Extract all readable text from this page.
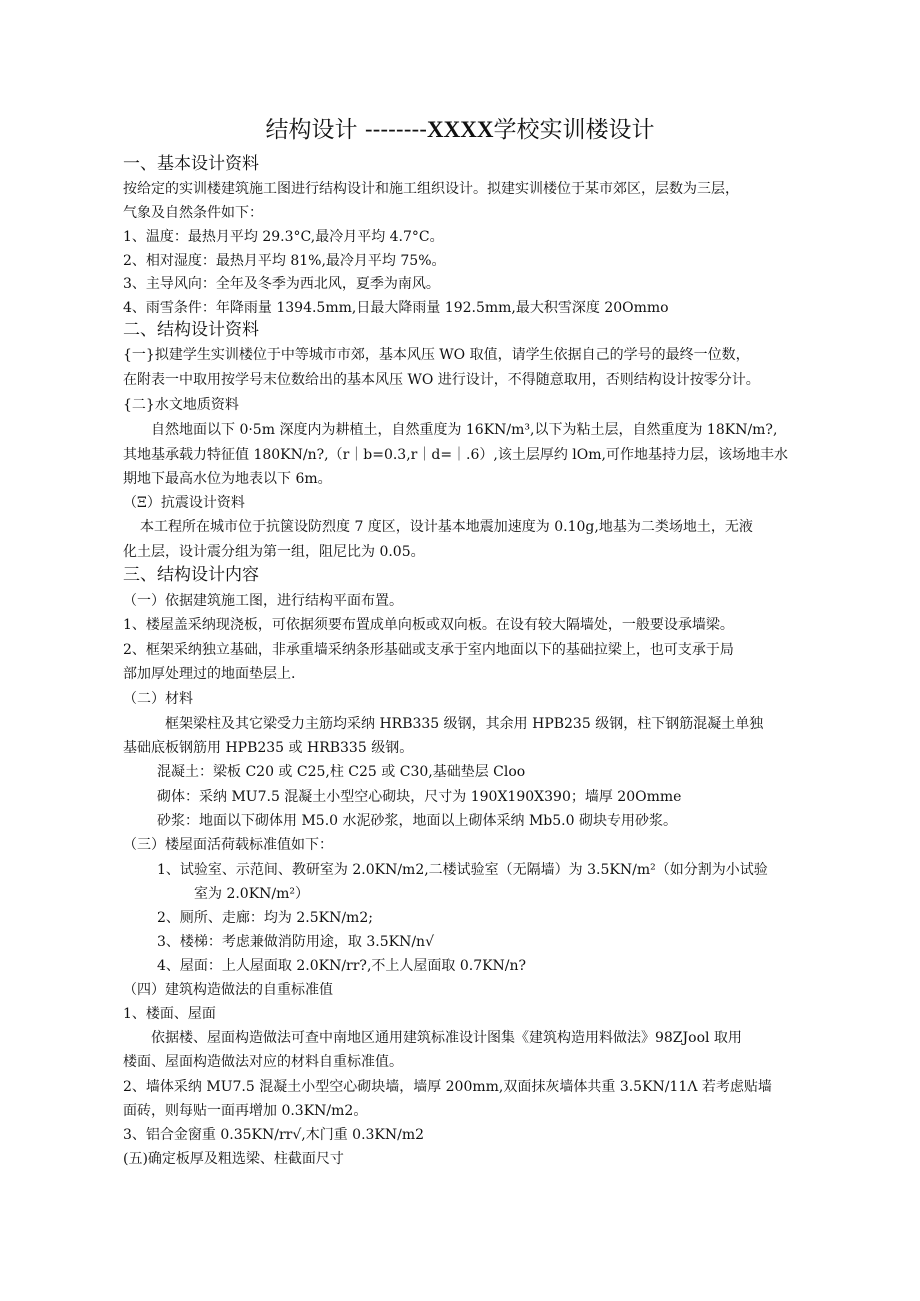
结构设计 --------XXXX学校实训楼设计
一、基本设计资料
按给定的实训楼建筑施工图进行结构设计和施工组织设计。拟建实训楼位于某市郊区，层数为三层，
气象及自然条件如下：
1、温度：最热月平均 29.3°C,最冷月平均 4.7°C。
2、相对湿度：最热月平均 81%,最冷月平均 75%。
3、主导风向：全年及冬季为西北风，夏季为南风。
4、雨雪条件：年降雨量 1394.5mm,日最大降雨量 192.5mm,最大积雪深度 20Ommo
二、结构设计资料
{一}拟建学生实训楼位于中等城市市郊，基本风压 WO 取值，请学生依据自己的学号的最终一位数，
在附表一中取用按学号末位数给出的基本风压 WO 进行设计，不得随意取用，否则结构设计按零分计。
{二}水文地质资料
自然地面以下 0·5m 深度内为耕植土，自然重度为 16KN∕m³,以下为粘土层，自然重度为 18KN∕m?,
其地基承载力特征值 180KN∕n?,（r｜b=0.3,r｜d=｜.6）,该土层厚约 lOm,可作地基持力层，该场地丰水
期地下最高水位为地表以下 6m。
（Ξ）抗震设计资料
本工程所在城市位于抗箧设防烈度 7 度区，设计基本地震加速度为 0.10g,地基为二类场地土，无液
化土层，设计震分组为第一组，阻尼比为 0.05。
三、结构设计内容
（一）依据建筑施工图，进行结构平面布置。
1、楼屋盖采纳现浇板，可依据须要布置成单向板或双向板。在设有较大隔墙处，一般要设承墙梁。
2、框架采纳独立基础，非承重墙采纳条形基础或支承于室内地面以下的基础拉梁上，也可支承于局
部加厚处理过的地面垫层上.
（二）材料
框架梁柱及其它梁受力主筋均采纳 HRB335 级钢，其余用 HPB235 级钢，柱下钢筋混凝土单独
基础底板钢筋用 HPB235 或 HRB335 级钢。
混凝土：梁板 C20 或 C25,柱 C25 或 C30,基础垫层 Cloo
砌体：采纳 MU7.5 混凝土小型空心砌块，尺寸为 190X190X390；墙厚 20Omme
砂浆：地面以下砌体用 M5.0 水泥砂浆，地面以上砌体采纳 Mb5.0 砌块专用砂浆。
（三）楼屋面活荷载标准值如下：
1、试验室、示范间、教研室为 2.0KN∕m2,二楼试验室（无隔墙）为 3.5KN∕m²（如分割为小试验
室为 2.0KN∕m²）
2、厕所、走廊：均为 2.5KN∕m2;
3、楼梯：考虑兼做消防用途，取 3.5KN∕n√
4、屋面：上人屋面取 2.0KN∕rr?,不上人屋面取 0.7KN/n?
（四）建筑构造做法的自重标准值
1、楼面、屋面
依据楼、屋面构造做法可查中南地区通用建筑标准设计图集《建筑构造用料做法》98ZJool 取用
楼面、屋面构造做法对应的材料自重标准值。
2、墙体采纳 MU7.5 混凝土小型空心砌块墙，墙厚 200mm,双面抹灰墙体共重 3.5KN∕11Λ 若考虑贴墙
面砖，则每贴一面再增加 0.3KN/m2。
3、铝合金窗重 0.35KN∕rr√,木门重 0.3KN∕m2
(五)确定板厚及粗选梁、柱截面尺寸
